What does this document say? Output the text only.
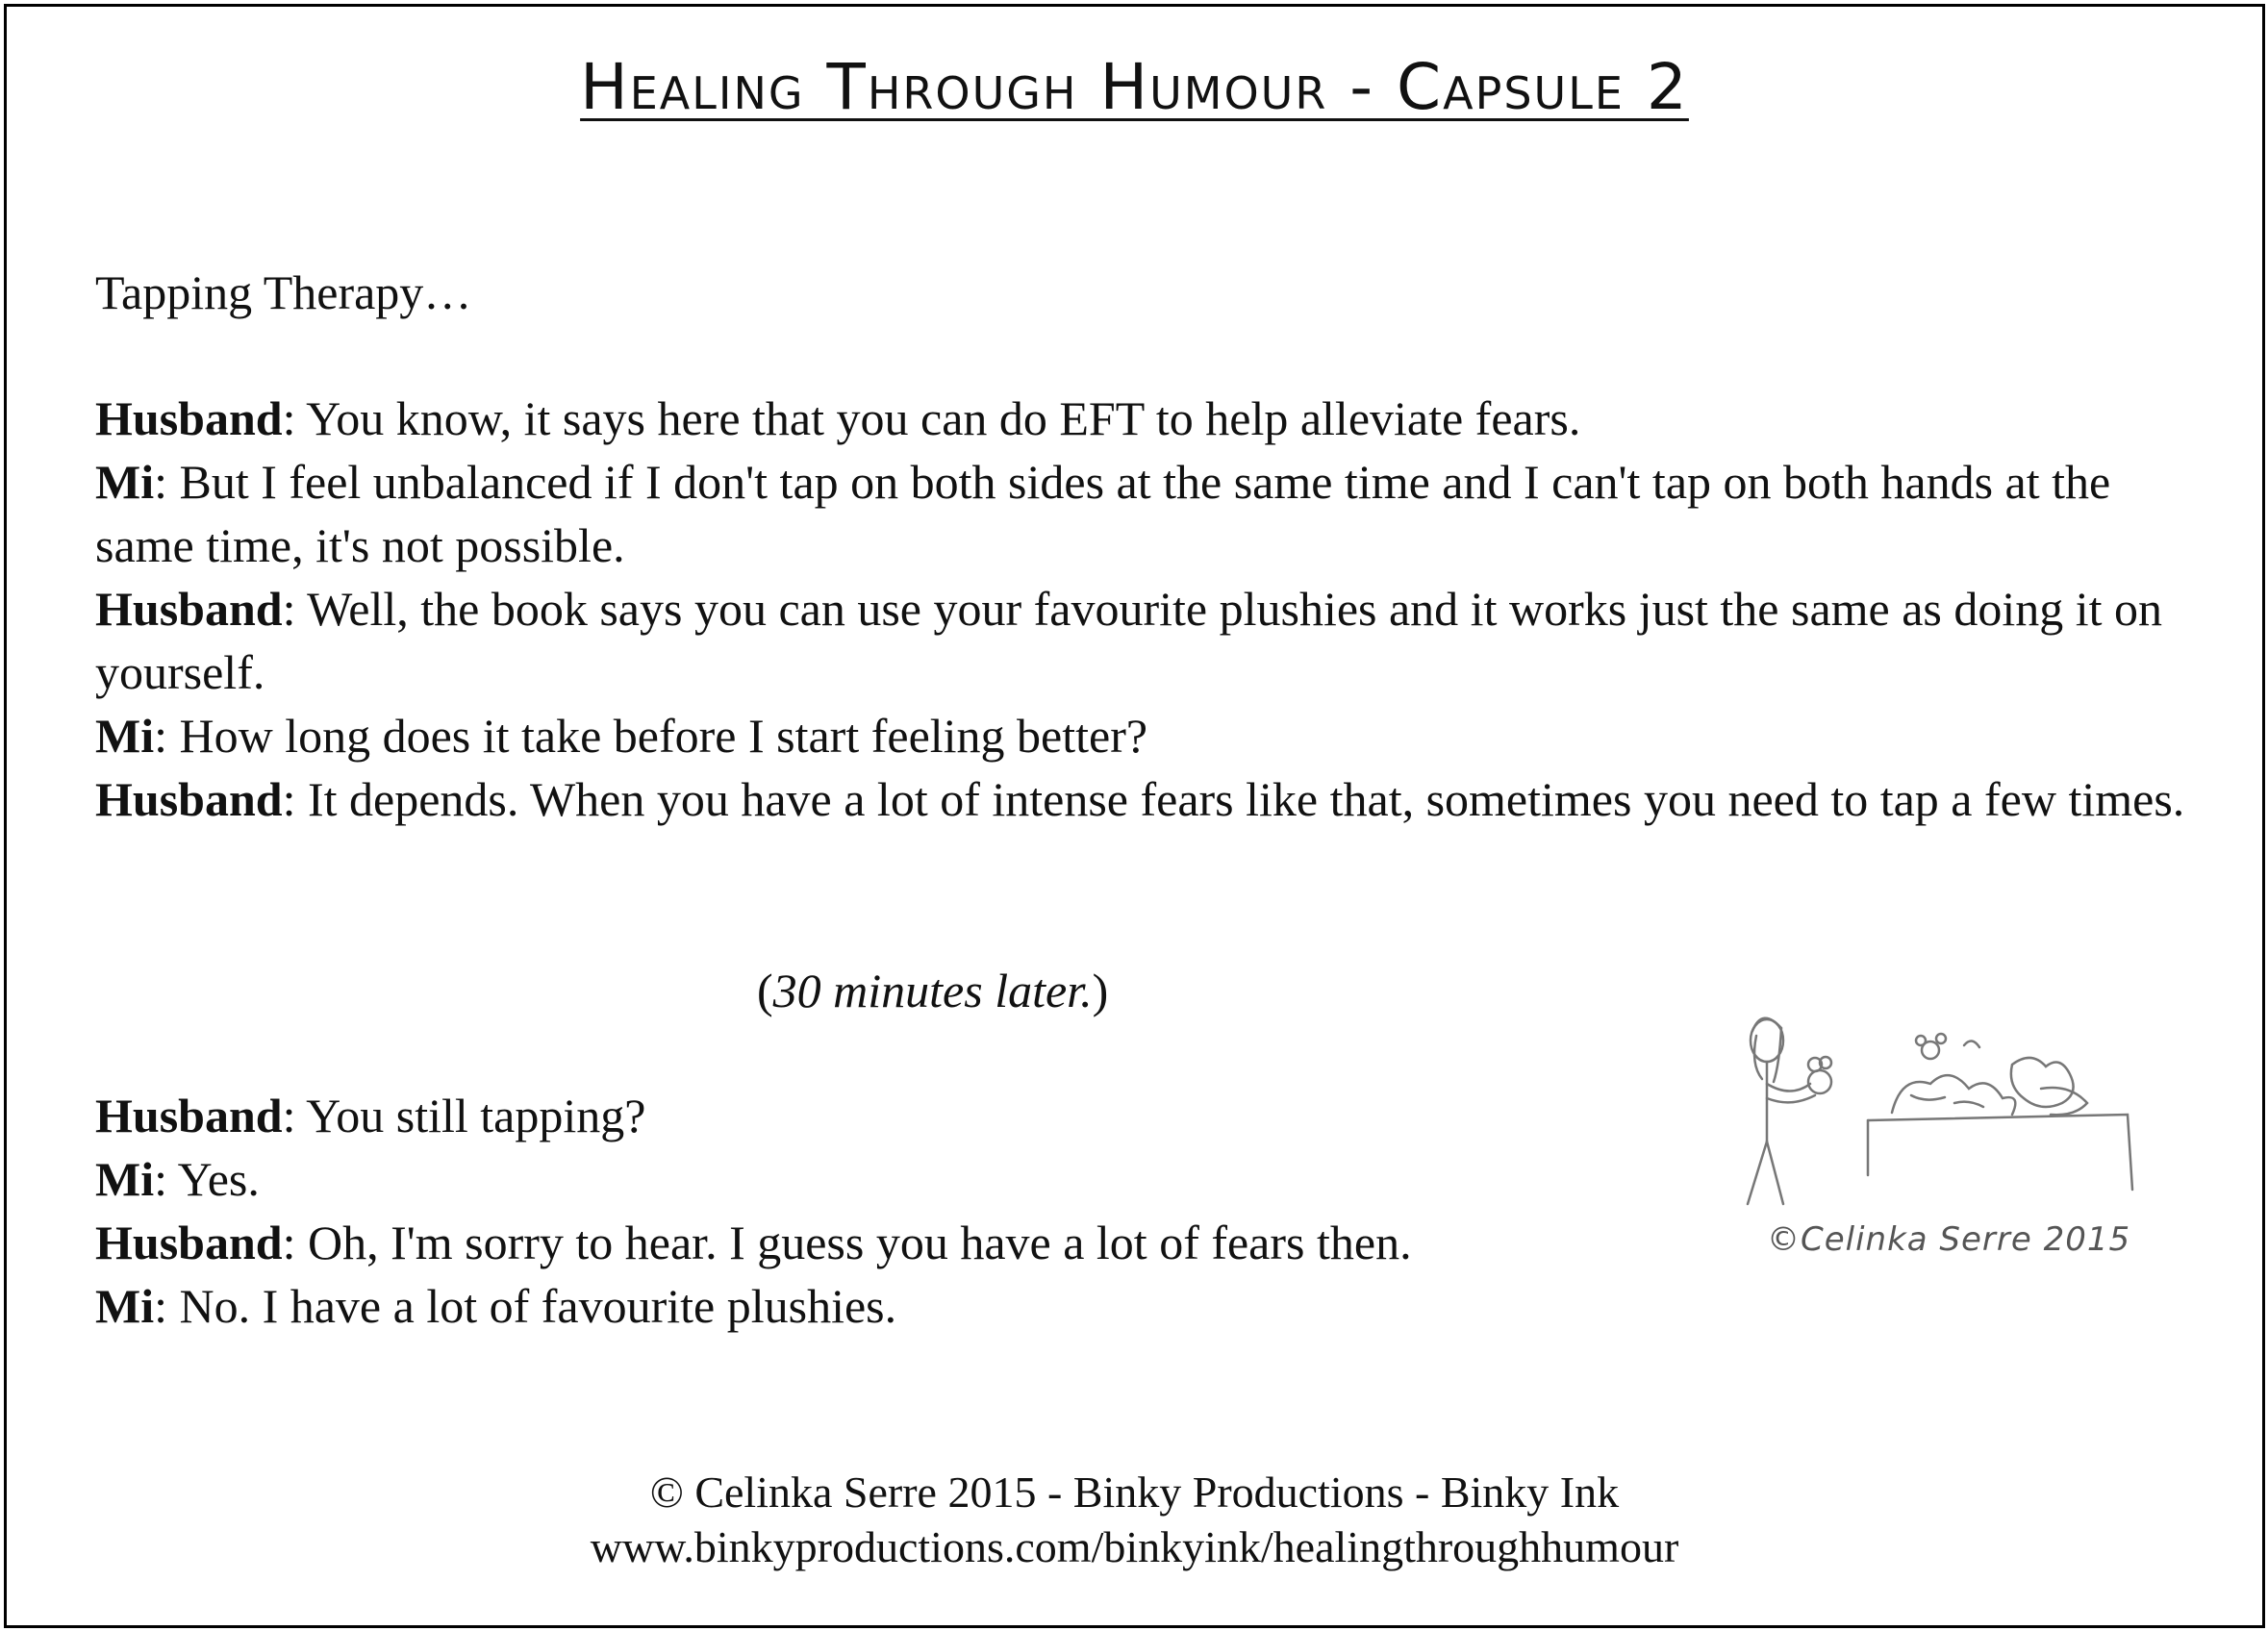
Healing Through Humour - Capsule 2
Tapping Therapy…

Husband: You know, it says here that you can do EFT to help alleviate fears.

Mi: But I feel unbalanced if I don't tap on both sides at the same time and I can't tap on both hands at the same time, it's not possible.

Husband: Well, the book says you can use your favourite plushies and it works just the same as doing it on yourself.

Mi: How long does it take before I start feeling better?

Husband: It depends. When you have a lot of intense fears like that, sometimes you need to tap a few times.

(30 minutes later.)

Husband: You still tapping?

Mi: Yes.

Husband: Oh, I'm sorry to hear. I guess you have a lot of fears then.

Mi: No. I have a lot of favourite plushies.

©Celinka Serre 2015
© Celinka Serre 2015 - Binky Productions - Binky Ink
www.binkyproductions.com/binkyink/healingthroughhumour
